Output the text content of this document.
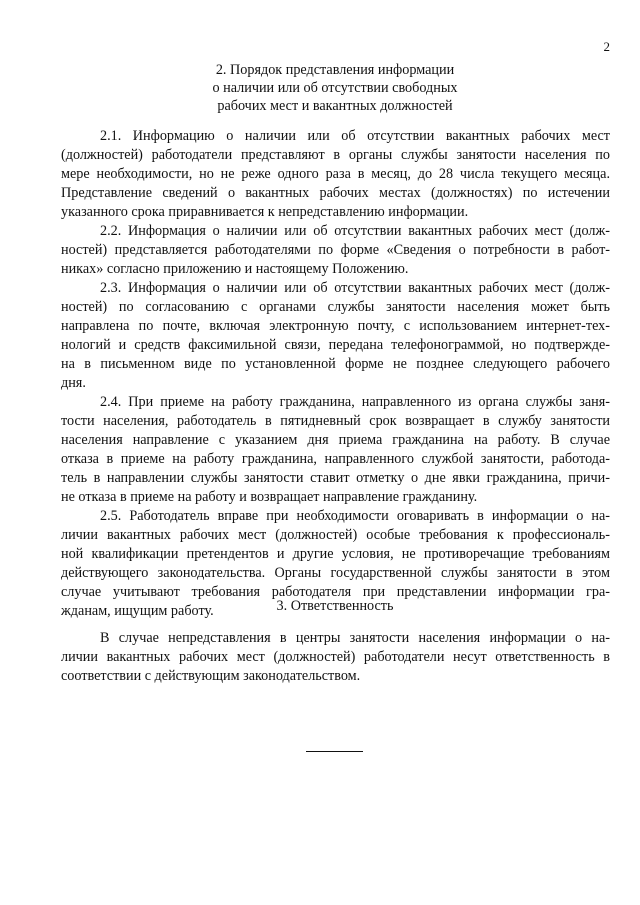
2
2. Порядок представления информации
о наличии или об отсутствии свободных
рабочих мест и вакантных должностей
2.1. Информацию о наличии или об отсутствии вакантных рабочих мест
(должностей) работодатели представляют в органы службы занятости населения по
мере необходимости, но не реже одного раза в месяц, до 28 числа текущего месяца.
Представление сведений о вакантных рабочих местах (должностях) по истечении
указанного срока приравнивается к непредставлению информации.
2.2. Информация о наличии или об отсутствии вакантных рабочих мест (долж-
ностей) представляется работодателями по форме «Сведения о потребности в работ-
никах» согласно приложению и настоящему Положению.
2.3. Информация о наличии или об отсутствии вакантных рабочих мест (долж-
ностей) по согласованию с органами службы занятости населения может быть
направлена по почте, включая электронную почту, с использованием интернет-тех-
нологий и средств факсимильной связи, передана телефонограммой, но подтвержде-
на в письменном виде по установленной форме не позднее следующего рабочего
дня.
2.4. При приеме на работу гражданина, направленного из органа службы заня-
тости населения, работодатель в пятидневный срок возвращает в службу занятости
населения направление с указанием дня приема гражданина на работу. В случае
отказа в приеме на работу гражданина, направленного службой занятости, работода-
тель в направлении службы занятости ставит отметку о дне явки гражданина, причи-
не отказа в приеме на работу и возвращает направление гражданину.
2.5. Работодатель вправе при необходимости оговаривать в информации о на-
личии вакантных рабочих мест (должностей) особые требования к профессиональ-
ной квалификации претендентов и другие условия, не противоречащие требованиям
действующего законодательства. Органы государственной службы занятости в этом
случае учитывают требования работодателя при представлении информации гра-
жданам, ищущим работу.	3. Ответственность
В случае непредставления в центры занятости населения информации о на-
личии вакантных рабочих мест (должностей) работодатели несут ответственность в
соответствии с действующим законодательством.
